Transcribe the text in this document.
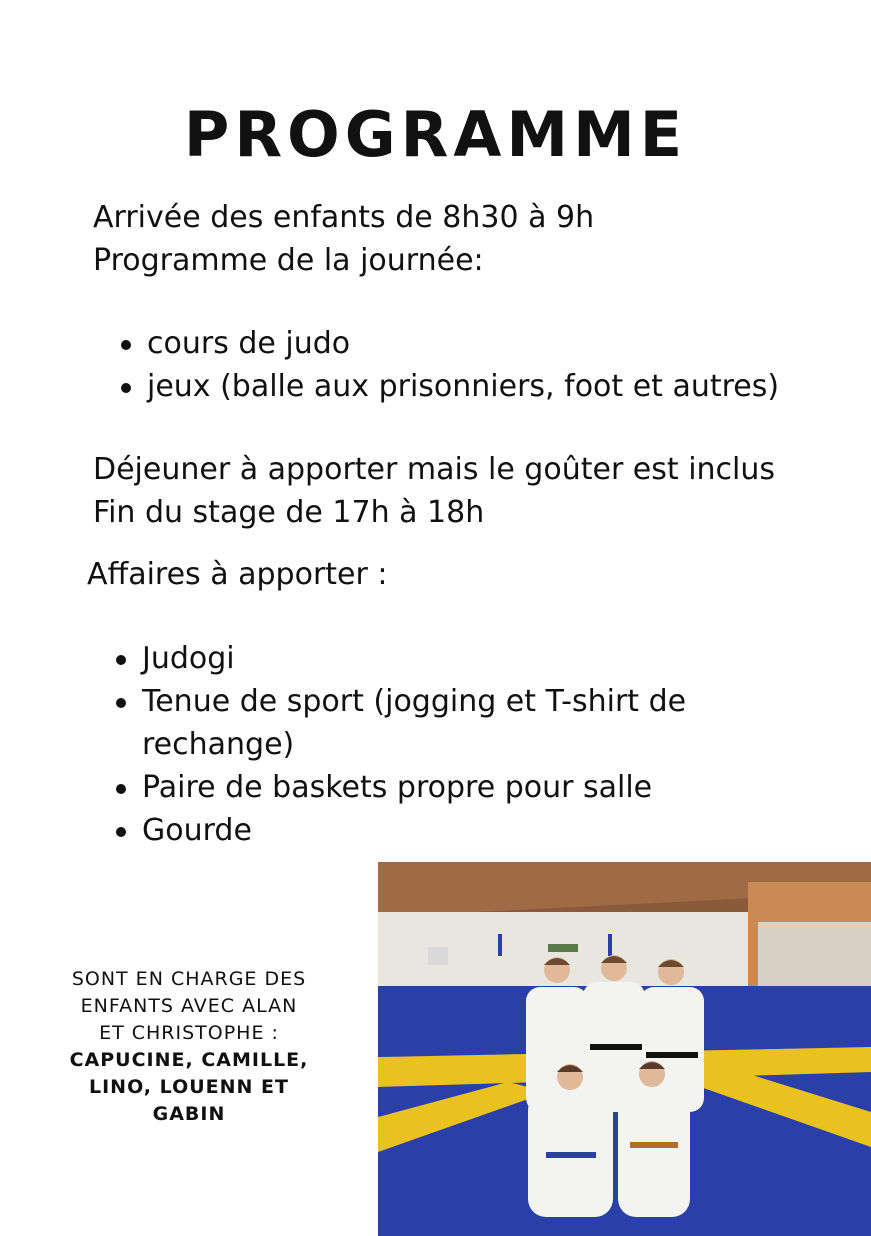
PROGRAMME

Arrivée des enfants de 8h30 à 9h

Programme de la journée:

cours de judo
jeux (balle aux prisonniers, foot et autres)

Déjeuner à apporter mais le goûter est inclus

Fin du stage de 17h à 18h

Affaires à apporter :
Judogi
Tenue de sport (jogging et T-shirt de rechange)
Paire de baskets propre pour salle
Gourde
SONT EN CHARGE DES
ENFANTS AVEC ALAN
ET CHRISTOPHE :
CAPUCINE, CAMILLE,
LINO, LOUENN ET
GABIN
